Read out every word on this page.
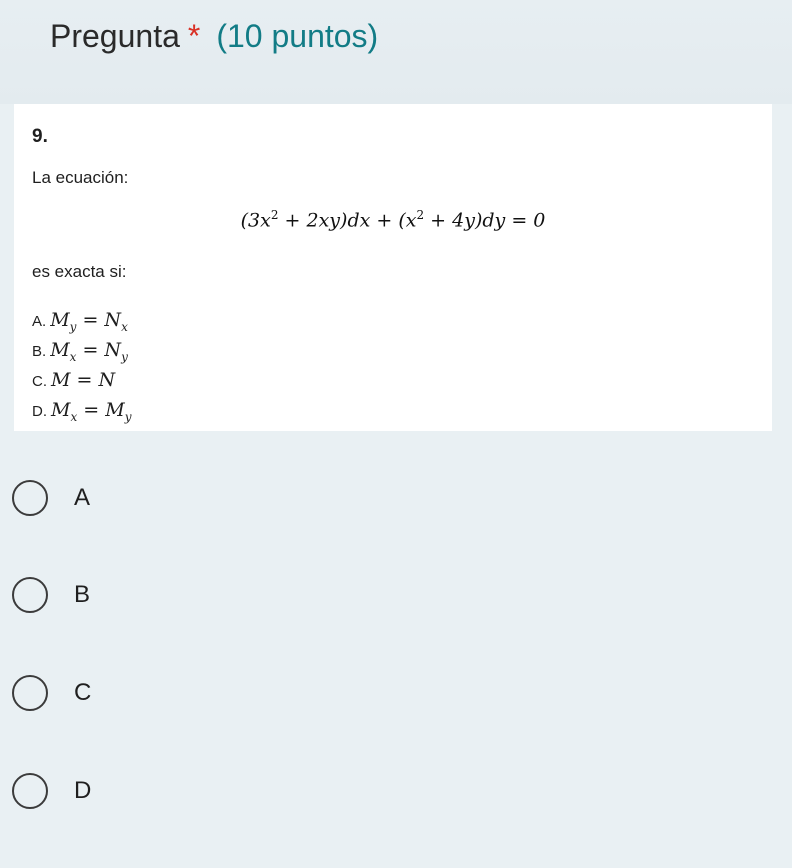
Pregunta * (10 puntos)
9.
La ecuación:
$(3x^2 + 2xy)dx + (x^2 + 4y)dy = 0$
es exacta si:
A. $M_y = N_x$
B. $M_x = N_y$
C. M = N
D. $M_x = M_y$
A
B
C
D
